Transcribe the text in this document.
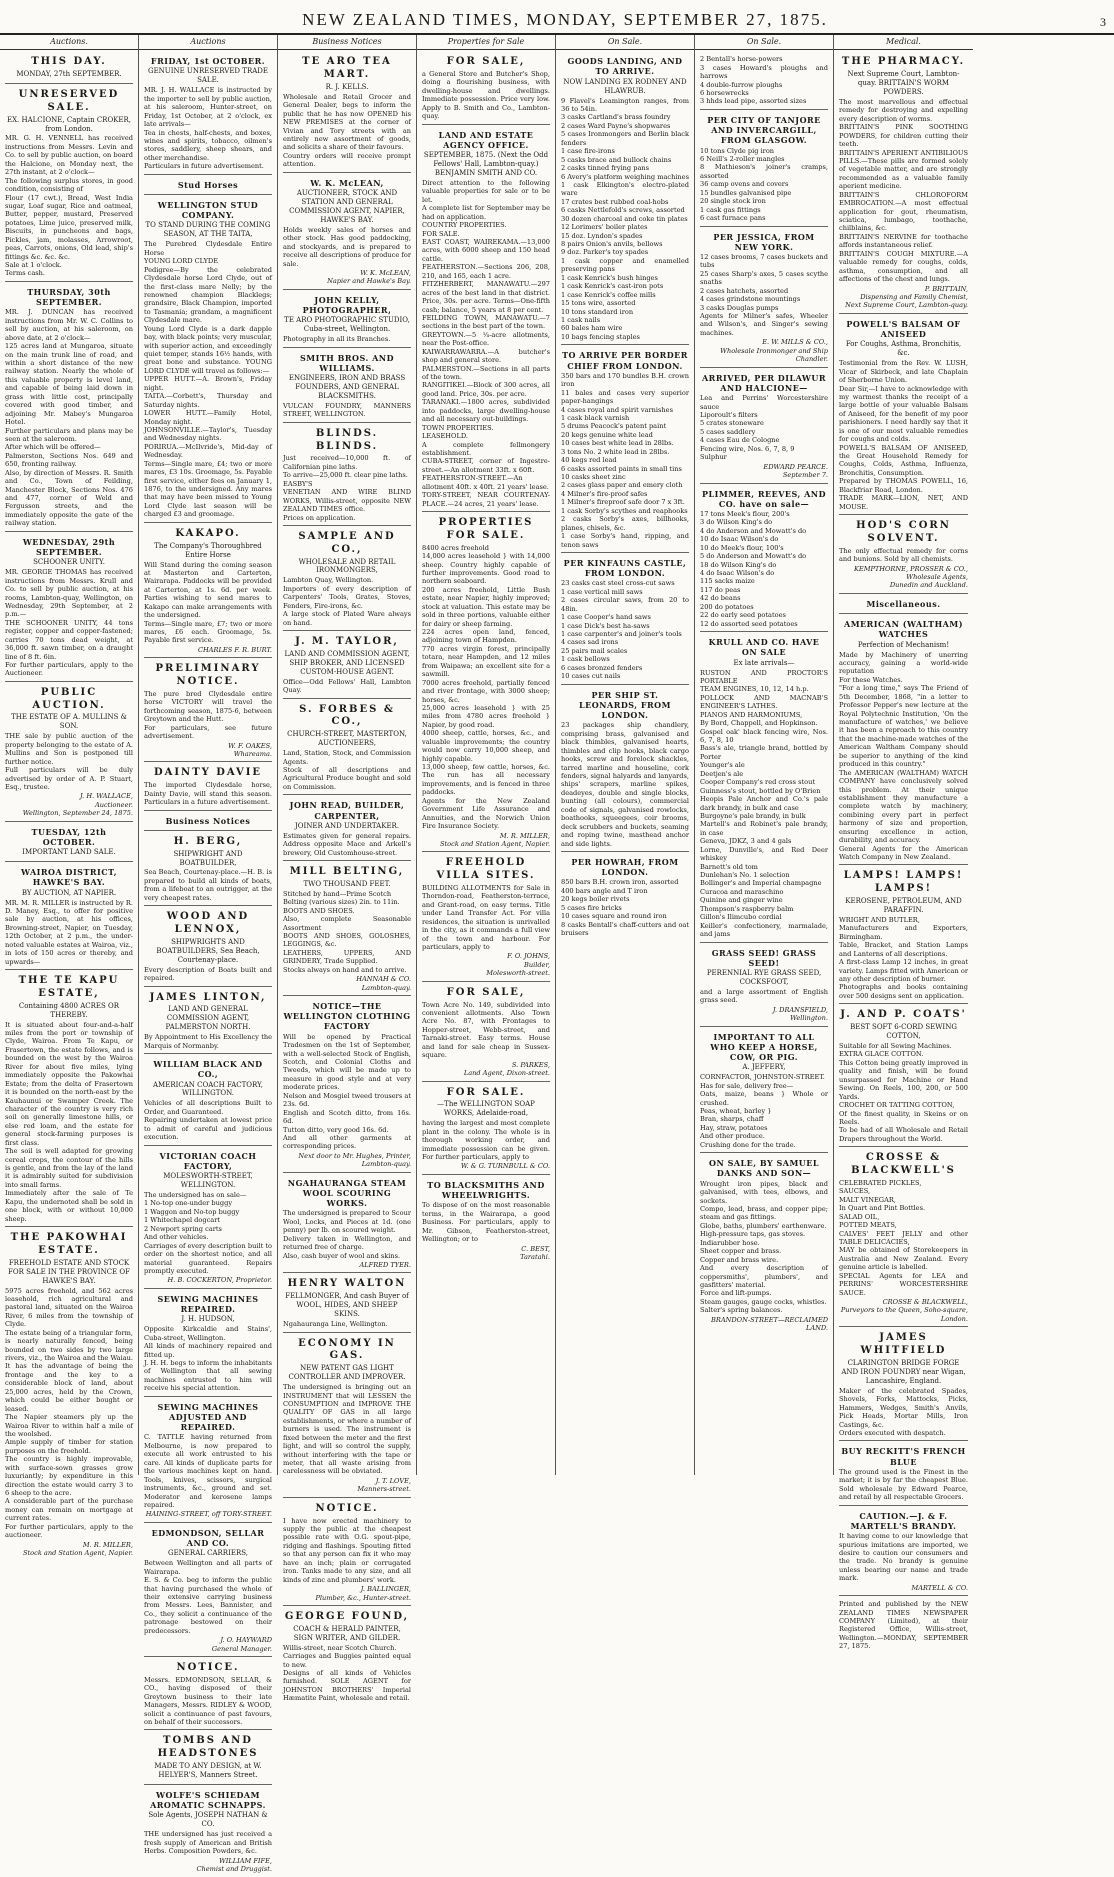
NEW ZEALAND TIMES, MONDAY, SEPTEMBER 27, 1875.	3
Auctions.
THIS DAY.
MONDAY, 27th SEPTEMBER.
UNRESERVED SALE.
EX. HALCIONE, Captain CROKER, from London.
MR. G. H. VENNELL has received instructions from Messrs. Levin and Co. to sell by public auction, on board the Halcione, on Monday next, the 27th instant, at 2 o'clock—
The following surplus stores, in good condition, consisting of
Flour (17 cwt.), Bread, West India sugar, Loaf sugar, Rice and oatmeal, Butter, pepper, mustard, Preserved potatoes, Lime juice, preserved milk, Biscuits, in puncheons and bags, Pickles, jam, molasses, Arrowroot, peas, Carrots, onions, Old lead, ship's fittings &c. &c. &c.
Sale at 1 o'clock.
Terms cash.
THURSDAY, 30th SEPTEMBER.
MR. J. DUNCAN has received instructions from Mr. W. C. Collins to sell by auction, at his saleroom, on above date, at 2 o'clock—
125 acres land at Mungaroa, situate on the main trunk line of road, and within a short distance of the new railway station. Nearly the whole of this valuable property is level land, and capable of being laid down in grass with little cost, principally covered with good timber, and adjoining Mr. Mabey's Mungaroa Hotel.
Further particulars and plans may be seen at the saleroom.
After which will be offered—
Palmerston, Sections Nos. 649 and 650, fronting railway.
Also, by direction of Messrs. R. Smith and Co., Town of Feilding, Manchester Block, Sections Nos. 476 and 477, corner of Weld and Fergusson streets, and the immediately opposite the gate of the railway station.
WEDNESDAY, 29th SEPTEMBER.
SCHOONER UNITY.
MR. GEORGE THOMAS has received instructions from Messrs. Krull and Co. to sell by public auction, at his rooms, Lambton-quay, Wellington, on Wednesday, 29th September, at 2 p.m.—
THE SCHOONER UNITY, 44 tons register, copper and copper-fastened; carries 70 tons dead weight, at 36,000 ft. sawn timber, on a draught line of 8 ft. 6in.
For further particulars, apply to the Auctioneer.
PUBLIC AUCTION.
THE ESTATE OF A. MULLINS & SON.
THE sale by public auction of the property belonging to the estate of A. Mullins and Son is postponed till further notice.
Full particulars will be duly advertised by order of A. P. Stuart, Esq., trustee.
J. H. WALLACE,
Auctioneer.
Wellington, September 24, 1875.
TUESDAY, 12th OCTOBER.
IMPORTANT LAND SALE.
WAIROA DISTRICT, HAWKE'S BAY.
BY AUCTION, AT NAPIER.
MR. M. R. MILLER is instructed by R. D. Maney, Esq., to offer for positive sale by auction, at his offices, Browning-street, Napier, on Tuesday, 12th October, at 2 p.m., the under-noted valuable estates at Wairoa, viz., in lots of 150 acres or thereby, and upwards—
THE TE KAPU ESTATE,
Containing 4800 ACRES OR THEREBY.
It is situated about four-and-a-half miles from the port or township of Clyde, Wairoa. From Te Kapu, or Frasertown, the estate follows, and is bounded on the west by the Wairoa River for about five miles, lying immediately opposite the Pakowhai Estate; from the delta of Frasertown it is bounded on the north-east by the Kauhaunui or Swamper Creek. The character of the country is very rich soil on generally limestone hills, or else red loam, and the estate for general stock-farming purposes is first class.
The soil is well adapted for growing cereal crops, the contour of the hills is gentle, and from the lay of the land it is admirably suited for subdivision into small farms.
Immediately after the sale of Te Kapu, the undernoted shall be sold in one block, with or without 10,000 sheep.
THE PAKOWHAI ESTATE.
FREEHOLD ESTATE AND STOCK FOR SALE IN THE PROVINCE OF HAWKE'S BAY.
5975 acres freehold, and 562 acres leasehold, rich agricultural and pastoral land, situated on the Wairoa River, 6 miles from the township of Clyde.
The estate being of a triangular form, is nearly naturally fenced, being bounded on two sides by two large rivers, viz., the Wairoa and the Waiau. It has the advantage of being the frontage and the key to a considerable block of land, about 25,000 acres, held by the Crown, which could be either bought or leased.
The Napier steamers ply up the Wairoa River to within half a mile of the woolshed.
Ample supply of timber for station purposes on the freehold.
The country is highly improvable, with surface-sown grasses grow luxuriantly; by expenditure in this direction the estate would carry 3 to 6 sheep to the acre.
A considerable part of the purchase money can remain on mortgage at current rates.
For further particulars, apply to the auctioneer.
M. R. MILLER,
Stock and Station Agent, Napier.
Auctions
FRIDAY, 1st OCTOBER.
GENUINE UNRESERVED TRADE SALE.
MR. J. H. WALLACE is instructed by the importer to sell by public auction, at his saleroom, Hunter-street, on Friday, 1st October, at 2 o'clock, ex late arrivals—
Tea in chests, half-chests, and boxes, wines and spirits, tobacco, oilmen's stores, saddlery, sheep shears, and other merchandise.
Particulars in future advertisement.
Stud Horses
WELLINGTON STUD COMPANY.
TO STAND DURING THE COMING SEASON, AT THE TAITA,
The Purebred Clydesdale Entire Horse
YOUNG LORD CLYDE
Pedigree—By the celebrated Clydesdale horse Lord Clyde, out of the first-class mare Nelly; by the renowned champion Blacklegs; grandsire, Black Champion, imported to Tasmania; grandam, a magnificent Clydesdale mare.
Young Lord Clyde is a dark dapple bay, with black points; very muscular, with superior action, and exceedingly quiet temper, stands 16½ hands, with great bone and substance. YOUNG LORD CLYDE will travel as follows:—
UPPER HUTT.—A. Brown's, Friday night.
TAITA.—Corbett's, Thursday and Saturday nights.
LOWER HUTT.—Family Hotel, Monday night.
JOHNSONVILLE.—Taylor's, Tuesday and Wednesday nights.
PORIRUA.—McIlvride's, Mid-day of Wednesday.
Terms—Single mare, £4; two or more mares, £3 10s. Groomage, 5s. Payable first service, either fees on January 1, 1876, to the undersigned. Any mares that may have been missed to Young Lord Clyde last season will be charged £3 and groomage.
KAKAPO.
The Company's Thoroughbred Entire Horse
Will Stand during the coming season at Masterton and Carterton, Wairarapa. Paddocks will be provided at Carterton, at 1s. 6d. per week. Parties wishing to send mares to Kakapo can make arrangements with the undersigned.
Terms—Single mare, £7; two or more mares, £6 each. Groomage, 5s. Payable first service.
CHARLES F. R. BURT.
PRELIMINARY NOTICE.
The pure bred Clydesdale entire horse VICTORY will travel the forthcoming season, 1875-6, between Greytown and the Hutt.
For particulars, see future advertisement.
W. F. OAKES,
Whareama.
DAINTY DAVIE
The imported Clydesdale horse, Dainty Davie, will stand this season. Particulars in a future advertisement.
Business Notices
H. BERG,
SHIPWRIGHT AND BOATBUILDER,
Sea Beach, Courtenay-place.—H. B. is prepared to build all kinds of boats, from a lifeboat to an outrigger, at the very cheapest rates.
WOOD AND LENNOX,
SHIPWRIGHTS AND BOATBUILDERS, Sea Beach, Courtenay-place.
Every description of Boats built and repaired.
JAMES LINTON,
LAND AND GENERAL COMMISSION AGENT, PALMERSTON NORTH.
By Appointment to His Excellency the Marquis of Normanby.
WILLIAM BLACK AND CO.,
AMERICAN COACH FACTORY, WILLINGTON.
Vehicles of all descriptions Built to Order, and Guaranteed.
Repairing undertaken at lowest price to admit of careful and judicious execution.
VICTORIAN COACH FACTORY,
MOLESWORTH-STREET, WELLINGTON.
The undersigned has on sale—
1 No-top one-under buggy
1 Waggon and No-top buggy
1 Whitechapel dogcart
2 Newport spring carts
And other vehicles.
Carriages of every description built to order on the shortest notice, and all material guaranteed. Repairs promptly executed.
H. B. COCKERTON, Proprietor.
SEWING MACHINES REPAIRED.
J. H. HUDSON,
Opposite Kirkcaldie and Stains', Cuba-street, Wellington.
All kinds of machinery repaired and fitted up.
J. H. H. begs to inform the inhabitants of Wellington that all sewing machines entrusted to him will receive his special attention.
SEWING MACHINES ADJUSTED AND REPAIRED.
C. TATTLE having returned from Melbourne, is now prepared to execute all work entrusted to his care. All kinds of duplicate parts for the various machines kept on hand. Tools, knives, scissors, surgical instruments, &c., ground and set. Moderator and kerosene lamps repaired.
HAINING-STREET, off TORY-STREET.
EDMONDSON, SELLAR AND CO.
GENERAL CARRIERS,
Between Wellington and all parts of Wairarapa.
E. S. & Co. beg to inform the public that having purchased the whole of their extensive carrying business from Messrs. Lees, Bannister, and Co., they solicit a continuance of the patronage bestowed on their predecessors.
J. O. HAYWARD
General Manager.
NOTICE.
Messrs. EDMONDSON, SELLAR, & CO., having disposed of their Greytown business to their late Managers, Messrs. RIDLEY & WOOD, solicit a continuance of past favours, on behalf of their successors.
TOMBS AND HEADSTONES
MADE TO ANY DESIGN, at W. HELYER'S, Manners Street.
WOLFE'S SCHIEDAM AROMATIC SCHNAPPS.
Sole Agents, JOSEPH NATHAN & CO.
THE undersigned has just received a fresh supply of American and British Herbs. Composition Powders, &c.
WILLIAM FIFE,
Chemist and Druggist.
Business Notices
TE ARO TEA MART.
R. J. KELLS.
Wholesale and Retail Grocer and General Dealer, begs to inform the public that he has now OPENED his NEW PREMISES at the corner of Vivian and Tory streets with an entirely new assortment of goods, and solicits a share of their favours.
Country orders will receive prompt attention.
W. K. McLEAN,
AUCTIONEER, STOCK AND STATION AND GENERAL COMMISSION AGENT, NAPIER, HAWKE'S BAY.
Holds weekly sales of horses and other stock. Has good paddocking, and stockyards, and is prepared to receive all descriptions of produce for sale.
W. K. McLEAN,
Napier and Hawke's Bay.
JOHN KELLY, PHOTOGRAPHER,
TE ARO PHOTOGRAPHIC STUDIO, Cuba-street, Wellington.
Photography in all its Branches.
SMITH BROS. AND WILLIAMS.
ENGINEERS, IRON AND BRASS FOUNDERS, AND GENERAL BLACKSMITHS.
VULCAN FOUNDRY, MANNERS STREET, WELLINGTON.
BLINDS. BLINDS.
Just received—10,000 ft. of Californian pine laths.
To arrive—25,000 ft. clear pine laths.
EASBY'S
VENETIAN AND WIRE BLIND WORKS, Willis-street, opposite NEW ZEALAND TIMES office.
Prices on application.
SAMPLE AND CO.,
WHOLESALE AND RETAIL IRONMONGERS,
Lambton Quay, Wellington.
Importers of every description of Carpenters' Tools, Grates, Stoves, Fenders, Fire-irons, &c.
A large stock of Plated Ware always on hand.
J. M. TAYLOR,
LAND AND COMMISSION AGENT, SHIP BROKER, AND LICENSED CUSTOM-HOUSE AGENT.
Office—Odd Fellows' Hall, Lambton Quay.
S. FORBES & CO.,
CHURCH-STREET, MASTERTON, AUCTIONEERS,
Land, Station, Stock, and Commission Agents.
Stock of all descriptions and Agricultural Produce bought and sold on Commission.
JOHN READ, BUILDER, CARPENTER,
JOINER AND UNDERTAKER.
Estimates given for general repairs. Address opposite Mace and Arkell's brewery, Old Customhouse-street.
MILL BELTING,
TWO THOUSAND FEET.
Stitched by hand—Prime Scotch
Belting (various sizes) 2in. to 11in.
BOOTS AND SHOES.
Also, complete Seasonable Assortment
BOOTS AND SHOES, GOLOSHES, LEGGINGS, &c.
LEATHERS, UPPERS, AND GRINDERY, Trade Supplied.
Stocks always on hand and to arrive.
HANNAH & CO.
Lambton-quay.
NOTICE—THE WELLINGTON CLOTHING FACTORY
Will be opened by Practical Tradesmen on the 1st of September, with a well-selected Stock of English, Scotch, and Colonial Cloths and Tweeds, which will be made up to measure in good style and at very moderate prices.
Nelson and Mosgiel tweed trousers at 23s. 6d.
English and Scotch ditto, from 16s. 6d.
Tutton ditto, very good 16s. 6d.
And all other garments at corresponding prices.
Next door to Mr. Hughes, Printer, Lambton-quay.
NGAHAURANGA STEAM WOOL SCOURING WORKS.
The undersigned is prepared to Scour Wool, Locks, and Pieces at 1d. (one penny) per lb. on scoured weight.
Delivery taken in Wellington, and returned free of charge.
Also, cash buyer of wool and skins.
ALFRED TYER.
HENRY WALTON
FELLMONGER, And cash Buyer of WOOL, HIDES, AND SHEEP SKINS.
Ngahauranga Line, Wellington.
ECONOMY IN GAS.
NEW PATENT GAS LIGHT CONTROLLER AND IMPROVER.
The undersigned is bringing out an INSTRUMENT that will LESSEN the CONSUMPTION and IMPROVE THE QUALITY OF GAS in all large establishments, or where a number of burners is used. The instrument is fixed between the meter and the first light, and will so control the supply, without interfering with the tape or meter, that all waste arising from carelessness will be obviated.
J. T. LOVE,
Manners-street.
NOTICE.
I have now erected machinery to supply the public at the cheapest possible rate with O.G. spout-pipe, ridging and flashings. Spouting fitted so that any person can fix it who may have an inch; plain or corrugated iron. Tanks made to any size, and all kinds of zinc and plumbers' work.
J. BALLINGER,
Plumber, &c., Hunter-street.
GEORGE FOUND,
COACH & HERALD PAINTER, SIGN WRITER, AND GILDER.
Willis-street, near Scotch Church.
Carriages and Buggies painted equal to new.
Designs of all kinds of Vehicles furnished. SOLE AGENT for JOHNSTON BROTHERS' Imperial Hæmatite Paint, wholesale and retail.
Properties for Sale
FOR SALE,
a General Store and Butcher's Shop, doing a flourishing business, with dwelling-house and dwellings. Immediate possession. Price very low. Apply to B. Smith and Co., Lambton-quay.
LAND AND ESTATE AGENCY OFFICE.
SEPTEMBER, 1875. (Next the Odd Fellows' Hall, Lambton-quay.) BENJAMIN SMITH AND CO.
Direct attention to the following valuable properties for sale or to be let.
A complete list for September may be had on application.
COUNTRY PROPERTIES.
FOR SALE.
EAST COAST, WAIREKAMA.—13,000 acres, with 6000 sheep and 150 head cattle.
FEATHERSTON.—Sections 206, 208, 210, and 165, each 1 acre.
FITZHERBERT, MANAWATU.—297 acres of the best land in that district. Price, 30s. per acre. Terms—One-fifth cash; balance, 5 years at 8 per cent.
FEILDING TOWN, MANAWATU.—7 sections in the best part of the town.
GREYTOWN.—5 ¼-acre allotments, near the Post-office.
KAIWARRAWARRA.—A butcher's shop and general store.
PALMERSTON.—Sections in all parts of the town.
RANGITIKEI.—Block of 300 acres, all good land. Price, 30s. per acre.
TARANAKI.—1800 acres, subdivided into paddocks, large dwelling-house and all necessary out-buildings.
TOWN PROPERTIES.
LEASEHOLD.
A complete fellmongery establishment.
CUBA-STREET, corner of Ingestre-street.—An allotment 33ft. x 60ft.
FEATHERSTON-STREET.—An allotment 40ft. x 40ft. 21 years' lease.
TORY-STREET, NEAR COURTENAY-PLACE.—24 acres, 21 years' lease.
PROPERTIES FOR SALE.
8400 acres freehold
14,000 acres leasehold } with 14,000 sheep. Country highly capable of further improvements. Good road to northern seaboard.
200 acres freehold, Little Bush estate, near Napier, highly improved; stock at valuation. This estate may be sold in three portions, valuable either for dairy or sheep farming.
224 acres open land, fenced, adjoining town of Hampden.
770 acres virgin forest, principally totara, near Hampden, and 12 miles from Waipawa; an excellent site for a sawmill.
7000 acres freehold, partially fenced and river frontage, with 3000 sheep; horses, &c.
25,000 acres leasehold } with 25 miles from 4780 acres freehold } Napier, by good road.
4000 sheep, cattle, horses, &c., and valuable improvements; the country would now carry 10,000 sheep, and highly capable.
13,000 sheep, few cattle, horses, &c. The run has all necessary improvements, and is fenced in three paddocks.
Agents for the New Zealand Government Life Assurance and Annuities, and the Norwich Union Fire Insurance Society.
M. R. MILLER,
Stock and Station Agent, Napier.
FREEHOLD VILLA SITES.
BUILDING ALLOTMENTS for Sale in Thorndon-road, Featherston-terrace, and Grant-road, on easy terms. Title under Land Transfer Act. For villa residences, the situation is unrivalled in the city, as it commands a full view of the town and harbour. For particulars, apply to
F. O. JOHNS,
Builder,
Molesworth-street.
FOR SALE,
Town Acre No. 149, subdivided into convenient allotments. Also Town Acre No. 87, with Frontages to Hopper-street, Webb-street, and Tarnaki-street. Easy terms. House and land for sale cheap in Sussex-square.
S. PARKES,
Land Agent, Dixon-street.
FOR SALE.
—The WELLINGTON SOAP WORKS, Adelaide-road,
having the largest and most complete plant in the colony. The whole is in thorough working order, and immediate possession can be given. For further particulars, apply to
W. & G. TURNBULL & CO.
TO BLACKSMITHS AND WHEELWRIGHTS.
To dispose of on the most reasonable terms, in the Wairarapa, a good Business. For particulars, apply to Mr. Gibson, Featherston-street, Wellington; or to
C. BEST,
Taratahi.
On Sale.
GOODS LANDING, AND TO ARRIVE.
NOW LANDING EX RODNEY AND HLAWRUB.
9 Flavel's Leamington ranges, from 36 to 54in.
3 casks Cartland's brass foundry
2 cases Ward Payne's shopwares
5 cases Ironmongers and Berlin black fenders
1 case fire-irons
5 casks brace and bullock chains
2 casks tinned frying pans
6 Avery's platform weighing machines
1 cask Elkington's electro-plated ware
17 crates best rubbed coal-hobs
6 casks Nettlefold's screws, assorted
30 dozen charcoal and coke tin plates
12 Lorimers' boiler plates
15 doz. Lyndon's spades
8 pairs Onion's anvils, bellows
9 doz. Parker's toy spades
1 cask copper and enamelled preserving pans
1 cask Kenrick's bush hinges
1 cask Kenrick's cast-iron pots
1 case Kenrick's coffee mills
15 tons wire, assorted
10 tons standard iron
1 cask nails
60 bales ham wire
10 bags fencing staples
TO ARRIVE PER BORDER CHIEF FROM LONDON.
350 bars and 170 bundles B.H. crown iron
11 bales and cases very superior paper-hangings
4 cases royal and spirit varnishes
1 cask black varnish
5 drums Peacock's patent paint
20 kegs genuine white lead
10 cases best white lead in 28lbs.
3 tons No. 2 white lead in 28lbs.
40 kegs red lead
6 casks assorted paints in small tins
10 casks sheet zinc
2 cases glass paper and emery cloth
4 Milner's fire-proof safes
1 Milner's fireproof safe door 7 x 3ft.
1 cask Sorby's scythes and reaphooks
2 casks Sorby's axes, billhooks, planes, chisels, &c.
1 case Sorby's hand, ripping, and tenon saws
PER KINFAUNS CASTLE, FROM LONDON.
23 casks cast steel cross-cut saws
1 case vertical mill saws
2 cases circular saws, from 20 to 48in.
1 case Cooper's hand saws
1 case Dick's best ha-saws
1 case carpenter's and joiner's tools
4 cases sad irons
25 pairs mail scales
1 cask bellows
6 cases bronzed fenders
10 cases cut nails
PER SHIP ST. LEONARDS, FROM LONDON.
23 packages ship chandlery, comprising brass, galvanised and black thimbles, galvanised hearts, thimbles and clip hooks, black cargo hooks, screw and forelock shackles, tarred marline and houseline, cork fenders, signal halyards and lanyards, ships' scrapers, marline spikes, deadeyes, double and single blocks, bunting (all colours), commercial code of signals, galvanised rowlocks, boathooks, squeegees, coir brooms, deck scrubbers and buckets, seaming and roping twine, masthead anchor and side lights.
PER HOWRAH, FROM LONDON.
850 bars B.H. crown iron, assorted
400 bars angle and T iron
20 kegs boiler rivets
5 cases fire bricks
10 cases square and round iron
8 casks Bentall's chaff-cutters and oat bruisers
On Sale.
2 Bentall's horse-powers
3 cases Howard's ploughs and harrows
4 double-furrow ploughs
6 horsewrecks
3 hhds lead pipe, assorted sizes
PER CITY OF TANJORE AND INVERCARGILL, FROM GLASGOW.
10 tons Clyde pig iron
6 Neill's 2-roller mangles
8 Mathieson's joiner's cramps, assorted
36 camp ovens and covers
15 bundles galvanised pipe
20 single stock iron
1 cask gas fittings
6 cast furnace pans
PER JESSICA, FROM NEW YORK.
12 cases brooms, 7 cases buckets and tubs
25 cases Sharp's axes, 5 cases scythe snaths
2 cases hatchets, assorted
4 cases grindstone mountings
3 casks Douglas pumps
Agents for Milner's safes, Wheeler and Wilson's, and Singer's sewing machines.
E. W. MILLS & CO.,
Wholesale Ironmonger and Ship Chandler.
ARRIVED, PER DILAWUR AND HALCIONE—
Lea and Perrins' Worcestershire sauce
Liporoult's filters
5 crates stoneware
5 cases saddlery
4 cases Eau de Cologne
Fencing wire, Nos. 6, 7, 8, 9
Sulphur
EDWARD PEARCE.
September 7.
PLIMMER, REEVES, AND CO. have on sale—
17 tons Meek's flour, 200's
3 do Wilson King's do
4 do Anderson and Mowatt's do
10 do Isaac Wilson's do
10 do Meek's flour, 100's
5 do Anderson and Mowatt's do
18 do Wilson King's do
4 do Isaac Wilson's do
115 sacks maize
117 do peas
42 do beans
200 do potatoes
22 do early seed potatoes
12 do assorted seed potatoes
KRULL AND CO. HAVE ON SALE
Ex late arrivals—
RUSTON AND PROCTOR'S PORTABLE
TEAM ENGINES, 10, 12, 14 h.p.
POLLOCK AND MACNAB'S ENGINEER'S LATHES.
PIANOS AND HARMONIUMS,
By Bord, Chappell, and Hopkinson.
Gospel oak' black fencing wire, Nos. 6, 7, 8, 10
Bass's ale, triangle brand, bottled by Porter
Younger's ale
Deetjen's ale
Cooper Company's red cross stout
Guinness's stout, bottled by O'Brien
Heopis Pale Anchor and Co.'s pale dark brandy, in bulk and case
Burgoyne's pale brandy, in bulk
Martell's and Robinet's pale brandy, in case
Geneva, JDKZ, 3 and 4 gals
Lorne, Dunville's, and Red Deer whiskey
Barnett's old tom
Dunlehan's No. 1 selection
Bollinger's and Imperial champagne
Curacoa and maraschino
Quinine and ginger wine
Thompson's raspberry balm
Gillon's Ilimcubo cordial
Keiller's confectionery, marmalade, and jams
GRASS SEED! GRASS SEED!
PERENNIAL RYE GRASS SEED, COCKSFOOT,
and a large assortment of English grass seed.
J. DRANSFIELD,
Wellington.
IMPORTANT TO ALL WHO KEEP A HORSE, COW, OR PIG.
A. JEFFERY,
CORNFACTOR, JOHNSTON-STREET.
Has for sale, delivery free—
Oats, maize, beans } Whole or crushed.
Peas, wheat, barley }
Bran, sharps, chaff
Hay, straw, potatoes
And other produce.
Crushing done for the trade.
ON SALE, BY SAMUEL DANKS AND SON—
Wrought iron pipes, black and galvanised, with tees, elbows, and sockets.
Compo, lead, brass, and copper pipe; steam and gas fittings.
Globe, baths, plumbers' earthenware.
High-pressure taps, gas stoves.
Indiarubber hose.
Sheet copper and brass.
Copper and brass wire.
And every description of coppersmiths', plumbers', and gasfitters' material.
Force and lift-pumps.
Steam gauges, gauge cocks, whistles.
Salter's spring balances.
BRANDON-STREET—RECLAIMED LAND.
Medical.
THE PHARMACY.
Next Supreme Court, Lambton-quay. BRITTAIN'S WORM POWDERS.
The most marvellous and effectual remedy for destroying and expelling every description of worms.
BRITTAIN'S PINK SOOTHING POWDERS, for children cutting their teeth.
BRITTAIN'S APERIENT ANTIBILIOUS PILLS.—These pills are formed solely of vegetable matter, and are strongly recommended as a valuable family aperient medicine.
BRITTAIN'S CHLOROFORM EMBROCATION.—A most effectual application for gout, rheumatism, sciatica, lumbago, toothache, chilblains, &c.
BRITTAIN'S NERVINE for toothache affords instantaneous relief.
BRITTAIN'S COUGH MIXTURE.—A valuable remedy for coughs, colds, asthma, consumption, and all affections of the chest and lungs.
P. BRITTAIN,
Dispensing and Family Chemist,
Next Supreme Court, Lambton-quay.
POWELL'S BALSAM OF ANISEED
For Coughs, Asthma, Bronchitis, &c.
Testimonial from the Rev. W. LUSH, Vicar of Skirbeck, and late Chaplain of Sherborne Union.
Dear Sir,—I have to acknowledge with my warmest thanks the receipt of a large bottle of your valuable Balsam of Aniseed, for the benefit of my poor parishioners. I need hardly say that it is one of our most valuable remedies for coughs and colds.
POWELL'S BALSAM OF ANISEED, the Great Household Remedy for Coughs, Colds, Asthma, Influenza, Bronchitis, Consumption.
Prepared by THOMAS POWELL, 16, Blackfriar Road, London.
TRADE MARK—LION, NET, AND MOUSE.
HOD'S CORN SOLVENT.
The only effectual remedy for corns and bunions. Sold by all chemists.
KEMPTHORNE, PROSSER & CO.,
Wholesale Agents,
Dunedin and Auckland.
Miscellaneous.
AMERICAN (WALTHAM) WATCHES
Perfection of Mechanism!
Made by Machinery of unerring accuracy, gaining a world-wide reputation
For these Watches.
"For a long time," says The Friend of 5th December, 1868, "in a letter to Professor Pepper's new lecture at the Royal Polytechnic Institution, 'On the manufacture of watches,' we believe it has been a reproach to this country that the machine-made watches of the American Waltham Company should be superior to anything of the kind produced in this country."
The AMERICAN (WALTHAM) WATCH COMPANY have conclusively solved this problem. At their unique establishment they manufacture a complete watch by machinery, combining every part in perfect harmony of size and proportion, ensuring excellence in action, durability, and accuracy.
General Agents for the American Watch Company in New Zealand.
LAMPS! LAMPS! LAMPS!
KEROSENE, PETROLEUM, AND PARAFFIN.
WRIGHT AND BUTLER,
Manufacturers and Exporters, Birmingham.
Table, Bracket, and Station Lamps and Lanterns of all descriptions.
A first-class Lamp 12 inches, in great variety. Lamps fitted with American or any other description of burner.
Photographs and books containing over 500 designs sent on application.
J. AND P. COATS'
BEST SOFT 6-CORD SEWING COTTON,
Suitable for all Sewing Machines.
EXTRA GLACE COTTON.
This Cotton being greatly improved in quality and finish, will be found unsurpassed for Machine or Hand Sewing. On Reels, 100, 200, or 500 Yards.
CROCHET OR TATTING COTTON,
Of the finest quality, in Skeins or on Reels.
To be had of all Wholesale and Retail Drapers throughout the World.
CROSSE & BLACKWELL'S
CELEBRATED PICKLES,
SAUCES,
MALT VINEGAR,
In Quart and Pint Bottles.
SALAD OIL,
POTTED MEATS,
CALVES' FEET JELLY and other TABLE DELICACIES,
MAY be obtained of Storekeepers in Australia and New Zealand. Every genuine article is labelled.
SPECIAL Agents for LEA and PERRINS' WORCESTERSHIRE SAUCE.
CROSSE & BLACKWELL,
Purveyors to the Queen, Soho-square, London.
JAMES WHITFIELD
CLARINGTON BRIDGE FORGE AND IRON FOUNDRY near Wigan, Lancashire, England.
Maker of the celebrated Spades, Shovels, Forks, Mattocks, Picks, Hammers, Wedges, Smith's Anvils, Pick Heads, Mortar Mills, Iron Castings, &c.
Orders executed with despatch.
BUY RECKITT'S FRENCH BLUE
The ground used is the Finest in the market; it is by far the cheapest Blue. Sold wholesale by Edward Pearce, and retail by all respectable Grocers.
CAUTION.—J. & F. MARTELL'S BRANDY.
It having come to our knowledge that spurious imitations are imported, we desire to caution our consumers and the trade. No brandy is genuine unless bearing our name and trade mark.
MARTELL & CO.
Printed and published by the NEW ZEALAND TIMES NEWSPAPER COMPANY (Limited), at their Registered Office, Willis-street, Wellington.—MONDAY, SEPTEMBER 27, 1875.
